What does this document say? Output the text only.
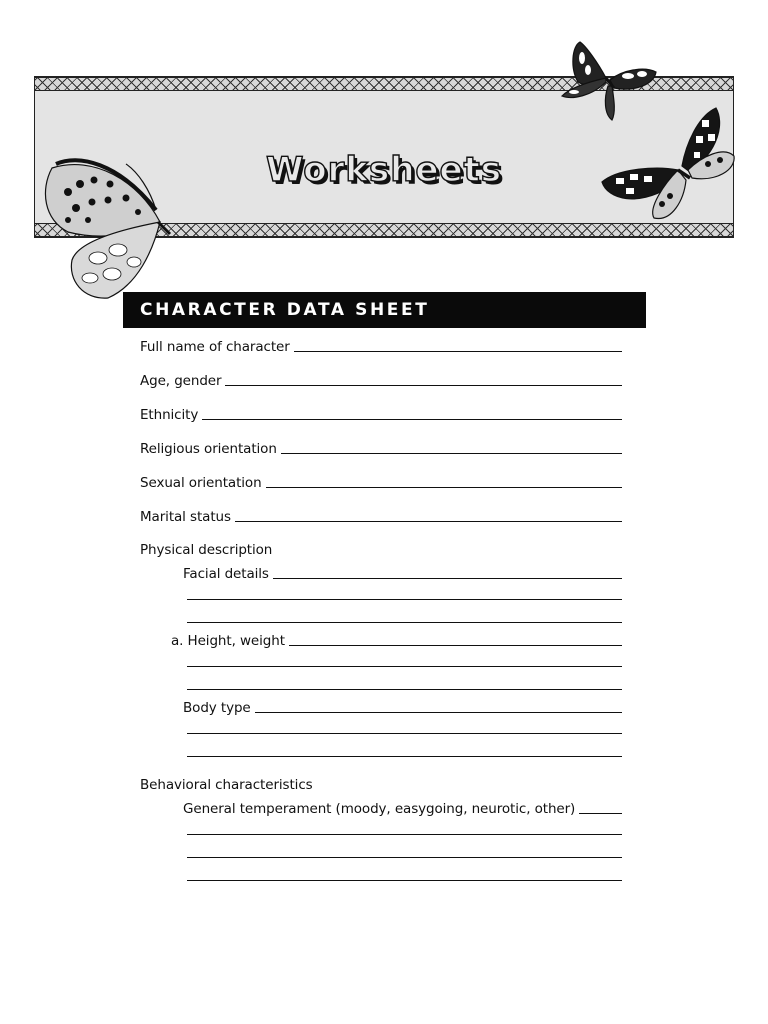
Worksheets
CHARACTER DATA SHEET
Full name of character
Age, gender
Ethnicity
Religious orientation
Sexual orientation
Marital status
Physical description
Facial details
a. Height, weight
Body type
Behavioral characteristics
General temperament (moody, easygoing, neurotic, other)
